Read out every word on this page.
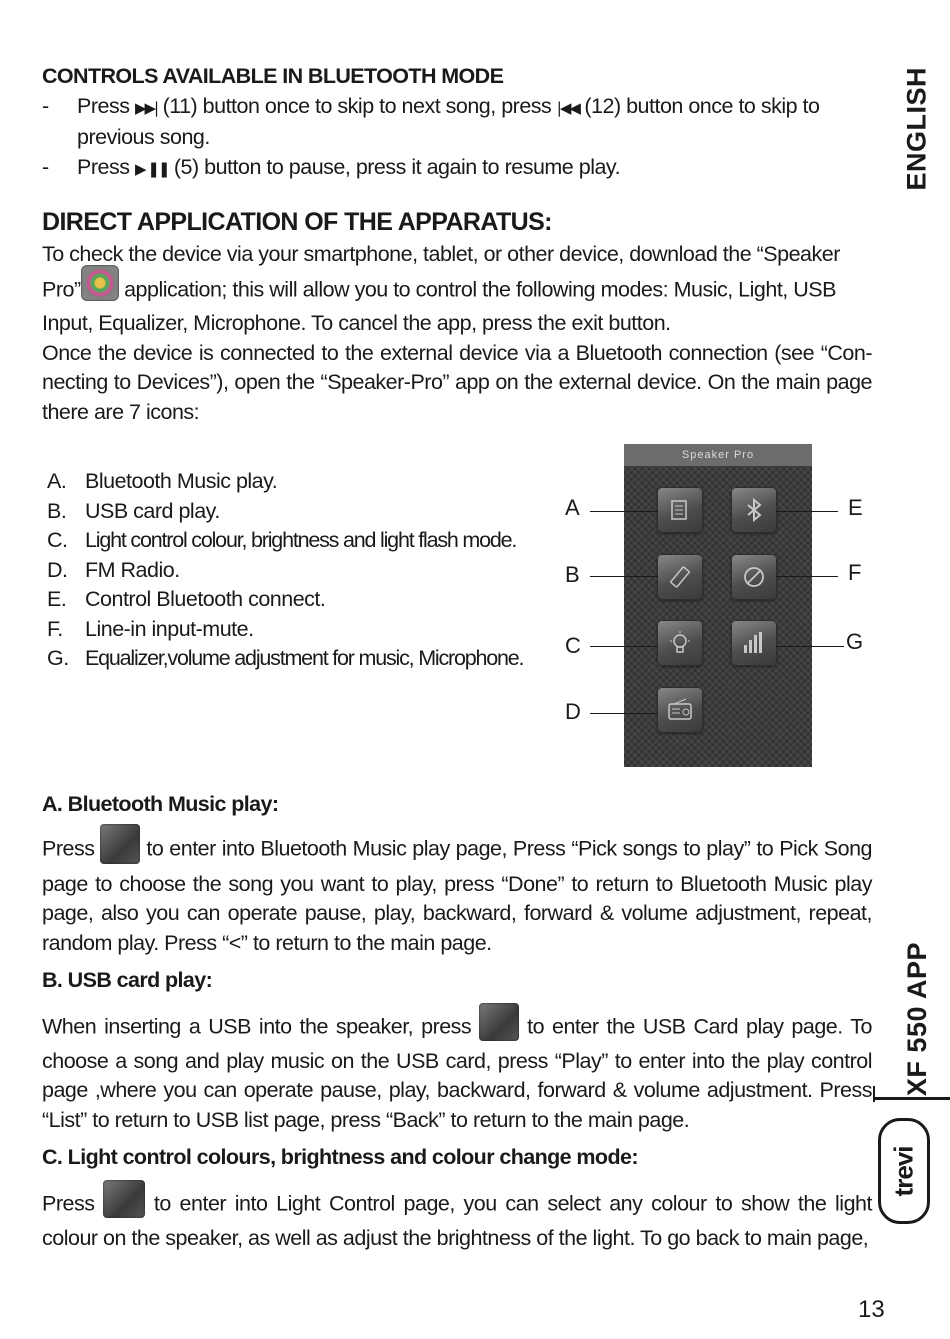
CONTROLS AVAILABLE IN BLUETOOTH MODE
-	Press ▶▶| (11) button once to skip to next song, press |◀◀ (12) button once to skip to
previous song.
-	Press ▶ ❚❚ (5) button to pause, press it again to resume play.
DIRECT APPLICATION OF THE APPARATUS:
To check the device via your smartphone, tablet, or other device, download the “Speaker
Pro” application; this will allow you to control the following modes: Music, Light, USB
Input, Equalizer, Microphone. To cancel the app, press the exit button.
Once the device is connected to the external device via a Bluetooth connection (see “Con-necting to Devices”), open the “Speaker-Pro” app on the external device. On the main page there are 7 icons:
A. Bluetooth Music play.
B. USB card play.
C. Light control colour, brightness and light flash mode.
D. FM Radio.
E. Control Bluetooth connect.
F.	Line-in input-mute.
G. Equalizer,volume adjustment for music, Microphone.
Speaker Pro
A
B
C
D
E
F
G
A. Bluetooth Music play:
Press to enter into Bluetooth Music play page, Press “Pick songs to play” to Pick Song page to choose the song you want to play, press “Done” to return to Bluetooth Music play page, also you can operate pause, play, backward, forward & volume adjustment, repeat, random play. Press “<” to return to the main page.
B. USB card play:
When inserting a USB into the speaker, press	to enter the USB Card play page. To choose a song and play music on the USB card, press “Play” to enter into the play control page ,where you can operate pause, play, backward, forward & volume adjustment. Press “List” to return to USB list page, press “Back” to return to the main page.
C. Light control colours, brightness and colour change mode:
Press	to enter into Light Control page, you can select any colour to show the light colour on the speaker, as well as adjust the brightness of the light. To go back to main page,
ENGLISH
XF 550 APP
trevi
13
